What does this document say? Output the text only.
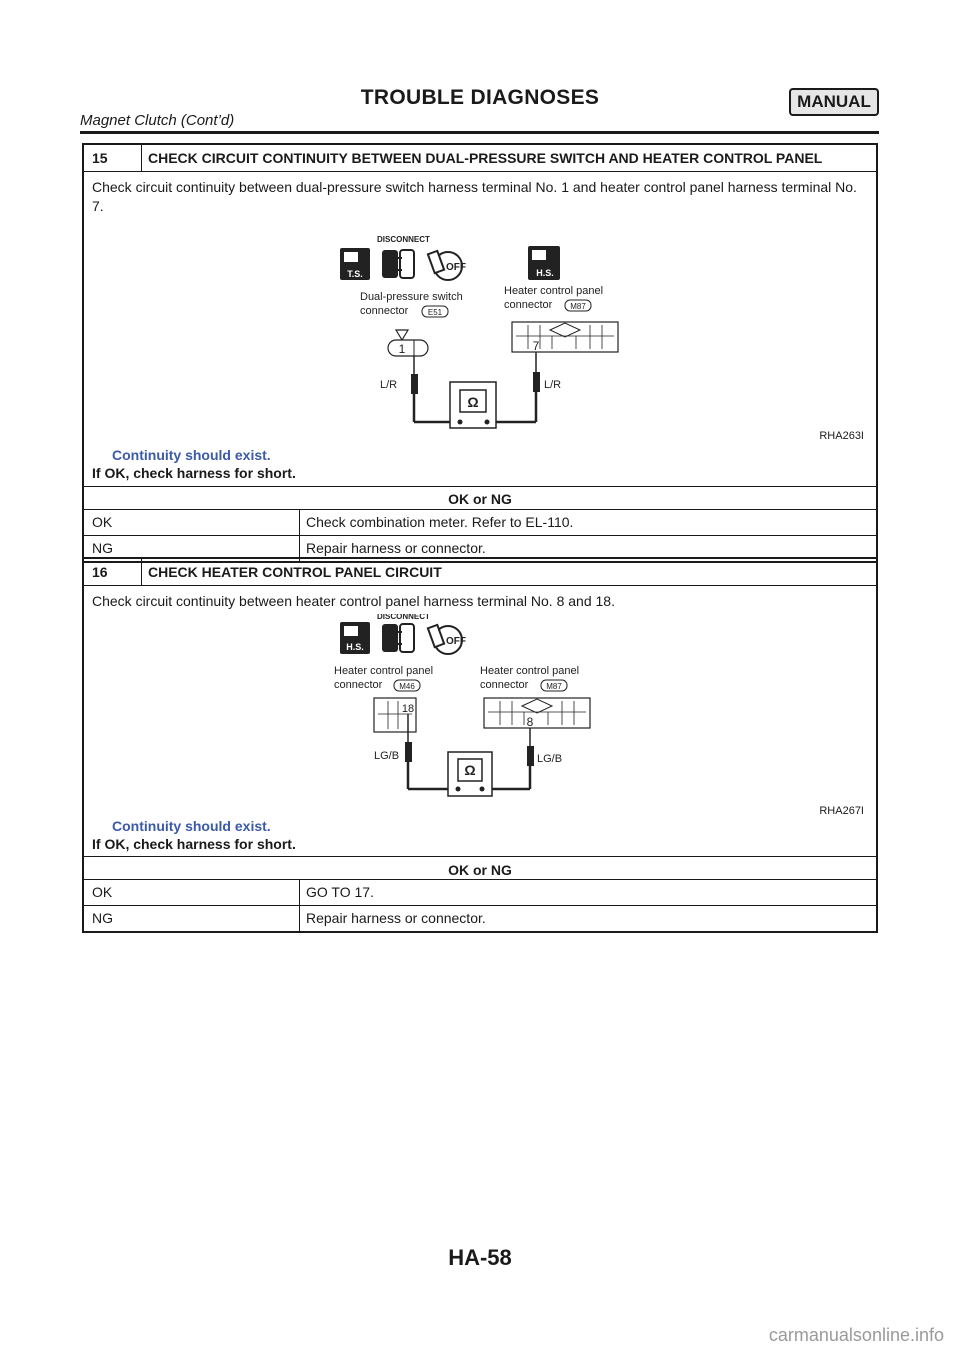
TROUBLE DIAGNOSES	MANUAL
Magnet Clutch (Cont’d)
15	CHECK CIRCUIT CONTINUITY BETWEEN DUAL-PRESSURE SWITCH AND HEATER CONTROL PANEL
Check circuit continuity between dual-pressure switch harness terminal No. 1 and heater control panel harness terminal No. 7.
T.S.
DISCONNECT
OFF	H.S.
Dual-pressure switch
connector E51
Heater control panel
connector M87
1	7
L/R	L/R
Ω
RHA263I
Continuity should exist.
If OK, check harness for short.
OK or NG
OK	Check combination meter. Refer to EL-110.
NG	Repair harness or connector.
16	CHECK HEATER CONTROL PANEL CIRCUIT
Check circuit continuity between heater control panel harness terminal No. 8 and 18.
H.S.
DISCONNECT
OFF
Heater control panel
connector M46
Heater control panel
connector M87
18
8
LG/B	LG/B
Ω
RHA267I
Continuity should exist.
If OK, check harness for short.
OK or NG
OK	GO TO 17.
NG	Repair harness or connector.
HA-58
carmanualsonline.info
